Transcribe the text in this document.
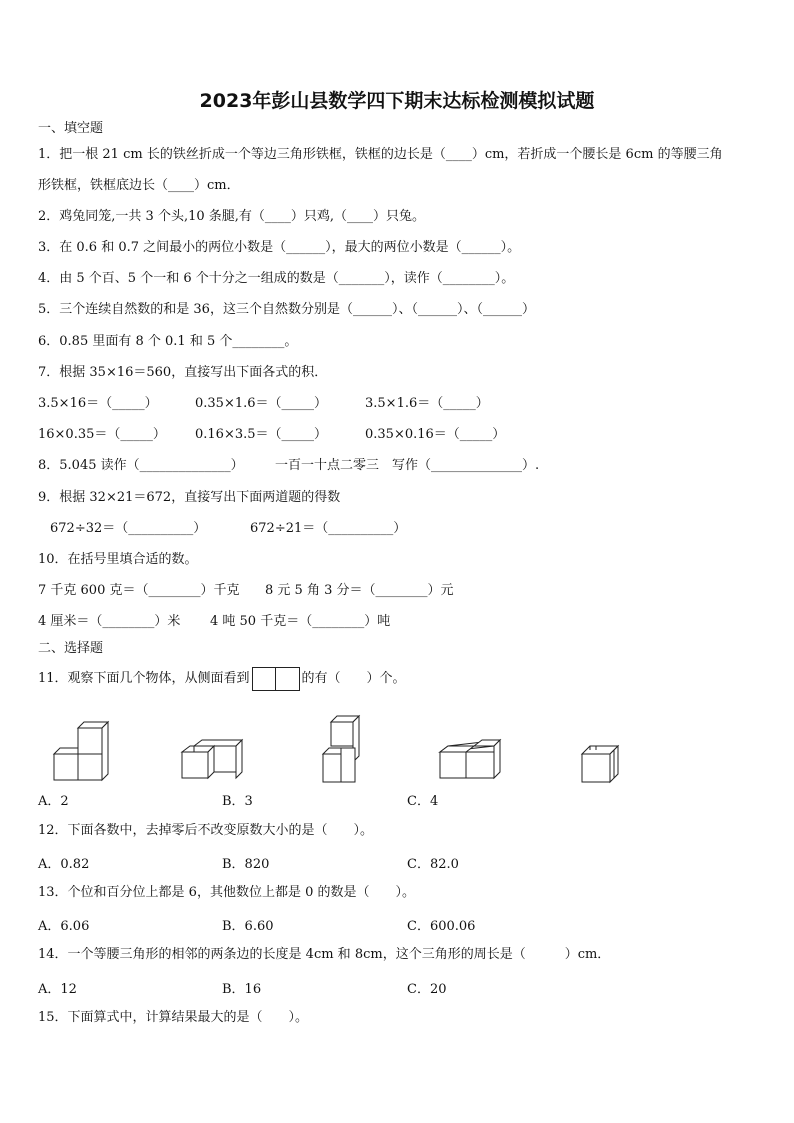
2023年彭山县数学四下期末达标检测模拟试题
一、填空题
1．把一根 21 cm 长的铁丝折成一个等边三角形铁框，铁框的边长是（____）cm，若折成一个腰长是 6cm 的等腰三角
形铁框，铁框底边长（____）cm．
2．鸡兔同笼,一共 3 个头,10 条腿,有（____）只鸡,（____）只兔。
3．在 0.6 和 0.7 之间最小的两位小数是（______），最大的两位小数是（______）。
4．由 5 个百、5 个一和 6 个十分之一组成的数是（_______），读作（________）。
5．三个连续自然数的和是 36，这三个自然数分别是（______）、（______）、（______）
6．0.85 里面有 8 个 0.1 和 5 个________。
7．根据 35×16＝560，直接写出下面各式的积．
3.5×16＝（_____）	0.35×1.6＝（_____）	3.5×1.6＝（_____）
16×0.35＝（_____） 0.16×3.5＝（_____）	0.35×0.16＝（_____）
8．5.045 读作（______________） 一百一十点二零三　写作（______________）.
9．根据 32×21＝672，直接写出下面两道题的得数
672÷32＝（__________）	672÷21＝（__________）
10．在括号里填合适的数。
7 千克 600 克＝（________）千克 8 元 5 角 3 分＝（________）元
4 厘米＝（________）米 4 吨 50 千克＝（________）吨
二、选择题
11．观察下面几个物体，从侧面看到	的有（　　）个。
A．2	B．3	C．4
12．下面各数中，去掉零后不改变原数大小的是（　　）。
A．0.82	B．820	C．82.0
13．个位和百分位上都是 6，其他数位上都是 0 的数是（　　）。
A．6.06	B．6.60	C．600.06
14．一个等腰三角形的相邻的两条边的长度是 4cm 和 8cm，这个三角形的周长是（　　　）cm．
A．12	B．16	C．20
15．下面算式中，计算结果最大的是（　　）。
